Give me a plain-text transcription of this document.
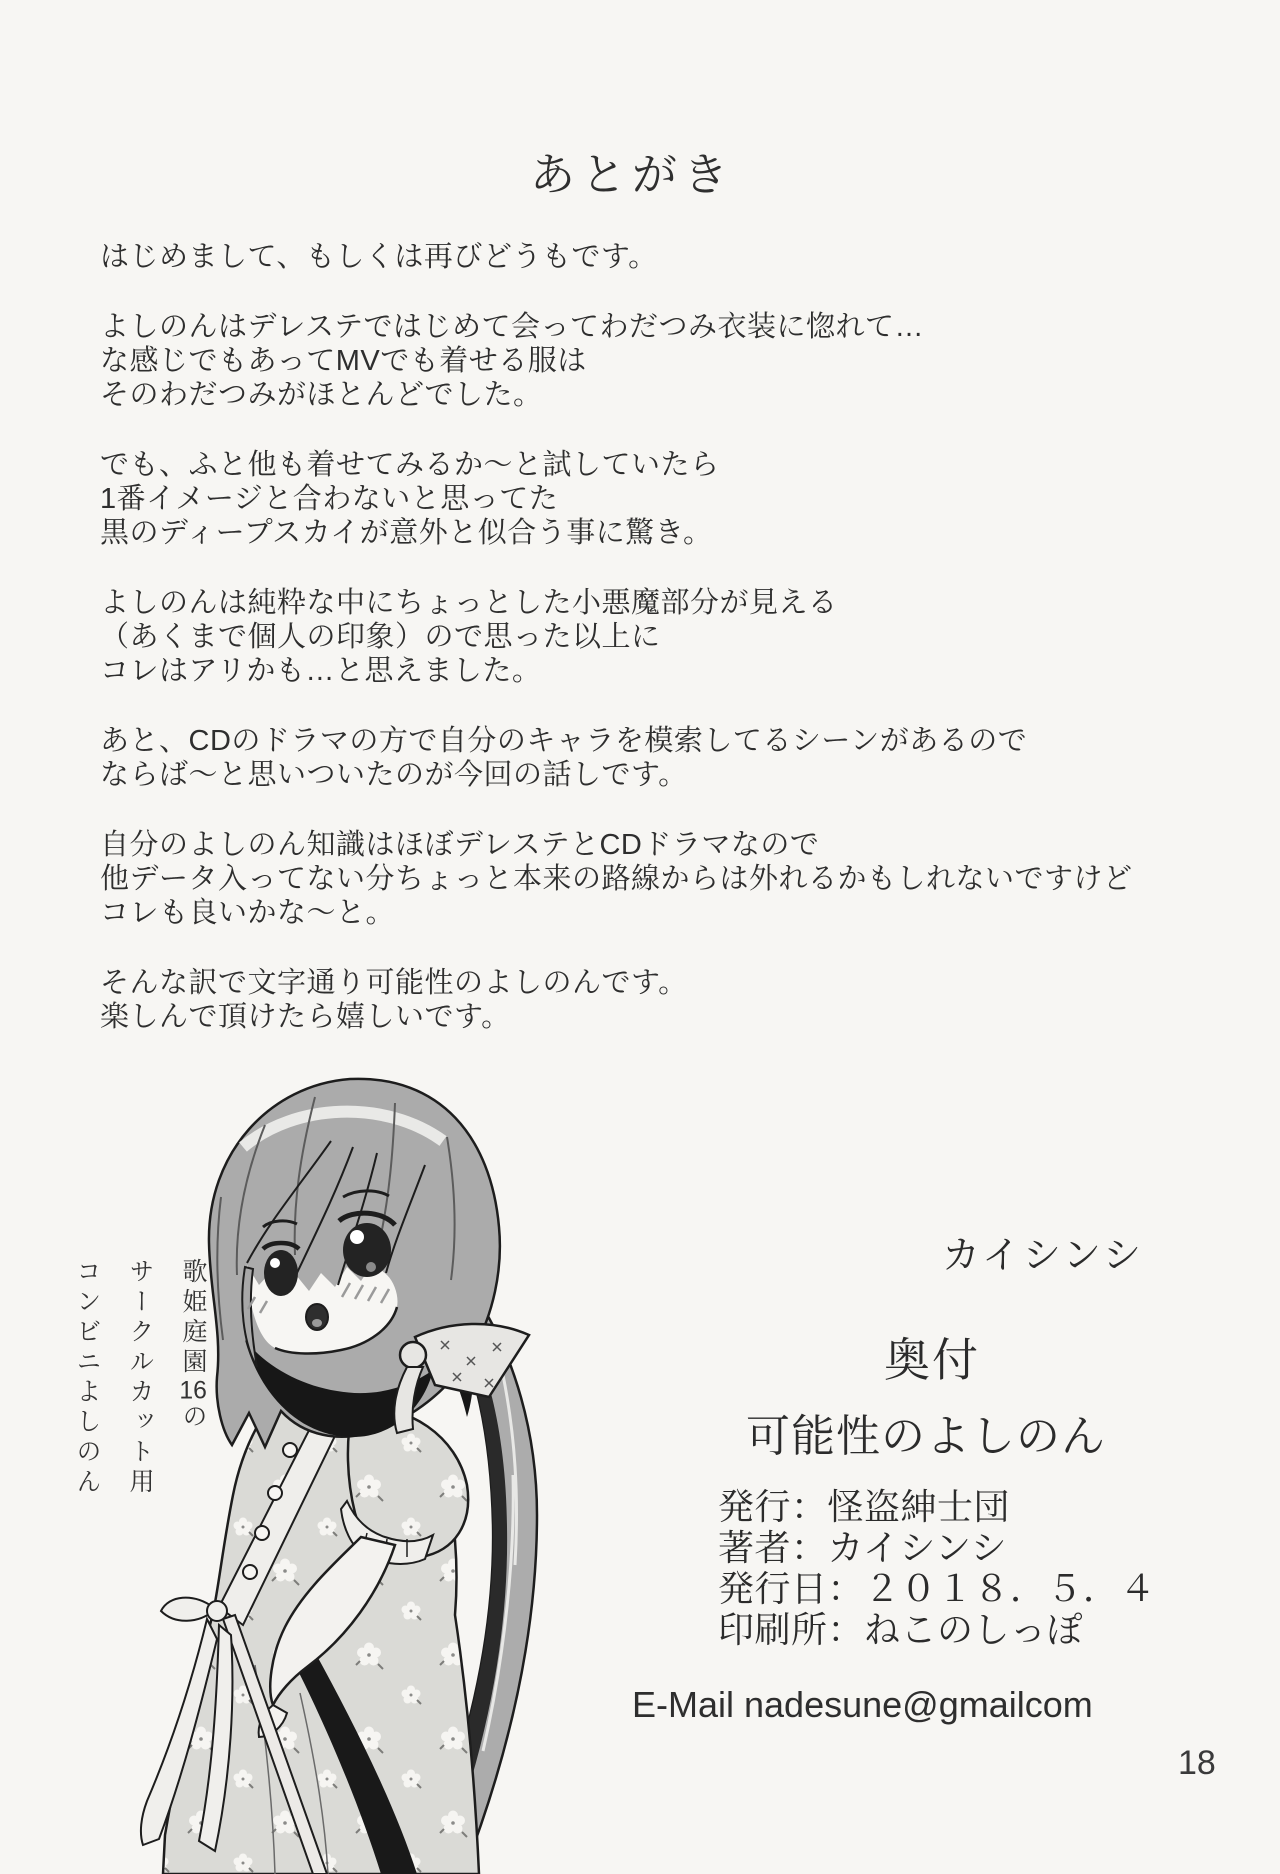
あとがき
はじめまして、もしくは再びどうもです。
よしのんはデレステではじめて会ってわだつみ衣装に惚れて…
な感じでもあってMVでも着せる服は
そのわだつみがほとんどでした。
でも、ふと他も着せてみるか～と試していたら
1番イメージと合わないと思ってた
黒のディープスカイが意外と似合う事に驚き。
よしのんは純粋な中にちょっとした小悪魔部分が見える
（あくまで個人の印象）ので思った以上に
コレはアリかも…と思えました。
あと、CDのドラマの方で自分のキャラを模索してるシーンがあるので
ならば～と思いついたのが今回の話しです。
自分のよしのん知識はほぼデレステとCDドラマなので
他データ入ってない分ちょっと本来の路線からは外れるかもしれないですけど
コレも良いかな～と。
そんな訳で文字通り可能性のよしのんです。
楽しんで頂けたら嬉しいです。
歌姫庭園16の
サークルカット用
コンビニよしのん
カイシンシ
奥付
可能性のよしのん
発行：怪盗紳士団
著者：カイシンシ
発行日：２０１８．５．４
印刷所：ねこのしっぽ
E-Mail nadesune@gmailcom
18
